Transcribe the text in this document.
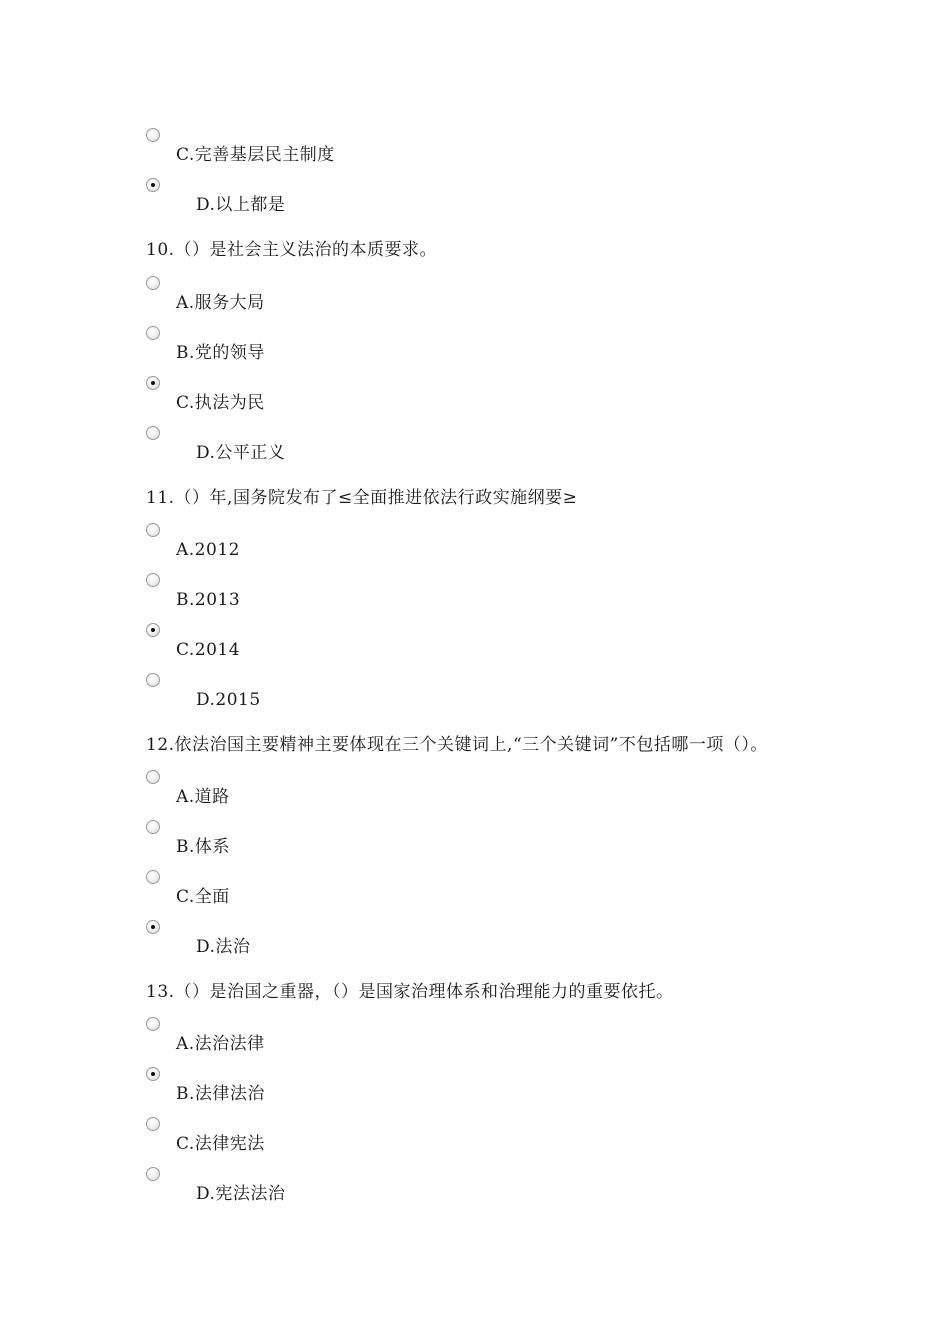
C.完善基层民主制度
D.以上都是
10.（）是社会主义法治的本质要求。
A.服务大局
B.党的领导
C.执法为民
D.公平正义
11.（）年,国务院发布了≤全面推进依法行政实施纲要≥
A.2012
B.2013
C.2014
D.2015
12.依法治国主要精神主要体现在三个关键词上,“三个关键词”不包括哪一项（）。
A.道路
B.体系
C.全面
D.法治
13.（）是治国之重器，（）是国家治理体系和治理能力的重要依托。
A.法治法律
B.法律法治
C.法律宪法
D.宪法法治
